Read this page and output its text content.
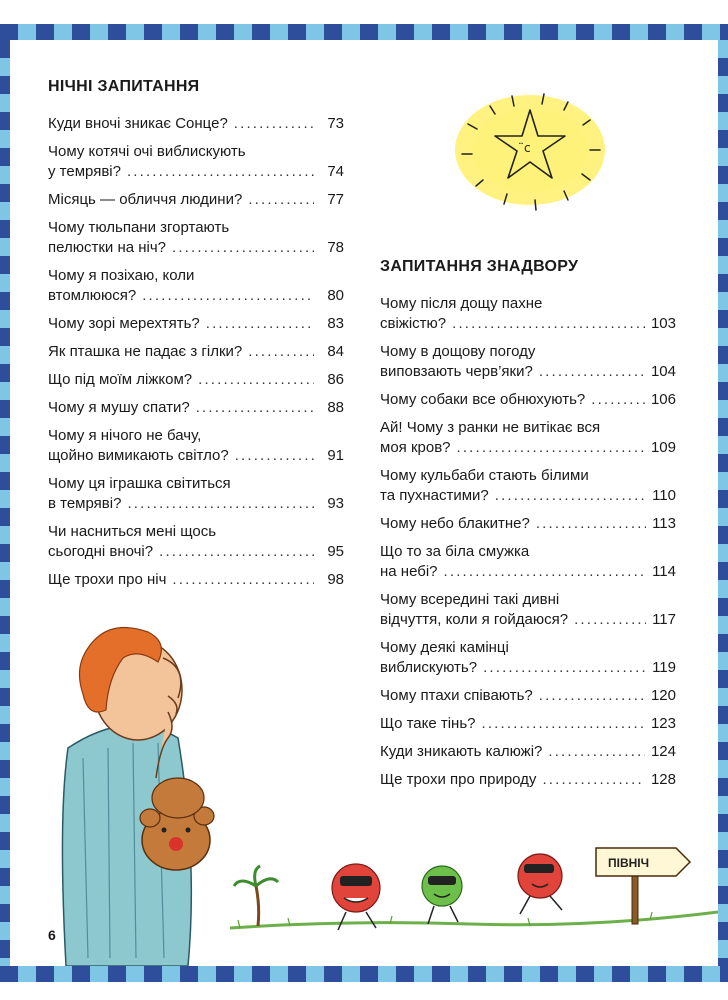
НІЧНІ ЗАПИТАННЯ
Куди вночі зникає Сонце? . . .	73
Чому котячі очі виблискують
у темряві? . . .	74
Місяць — обличчя людини? . . .	77
Чому тюльпани згортають
пелюстки на ніч? . . .	78
Чому я позіхаю, коли
втомлююся? . . .	80
Чому зорі мерехтять? . . .	83
Як пташка не падає з гілки? . . .	84
Що під моїм ліжком? . . .	86
Чому я мушу спати? . . .	88
Чому я нічого не бачу,
щойно вимикають світло? . . .	91
Чому ця іграшка світиться
в темряві? . . .	93
Чи насниться мені щось
сьогодні вночі? . . .	95
Ще трохи про ніч . . .	98
̈с
ЗАПИТАННЯ ЗНАДВОРУ
Чому після дощу пахне
свіжістю? . . .	103
Чому в дощову погоду
виповзають черв’яки? . . .	104
Чому собаки все обнюхують? . . .	106
Ай! Чому з ранки не витікає вся
моя кров? . . .	109
Чому кульбаби стають білими
та пухнастими? . . .	110
Чому небо блакитне? . . .	113
Що то за біла смужка
на небі? . . .	114
Чому всередині такі дивні
відчуття, коли я гойдаюся? . . .	117
Чому деякі камінці
виблискують? . . .	119
Чому птахи співають? . . .	120
Що таке тінь? . . .	123
Куди зникають калюжі? . . .	124
Ще трохи про природу . . .	128
ПІВНІЧ
6
